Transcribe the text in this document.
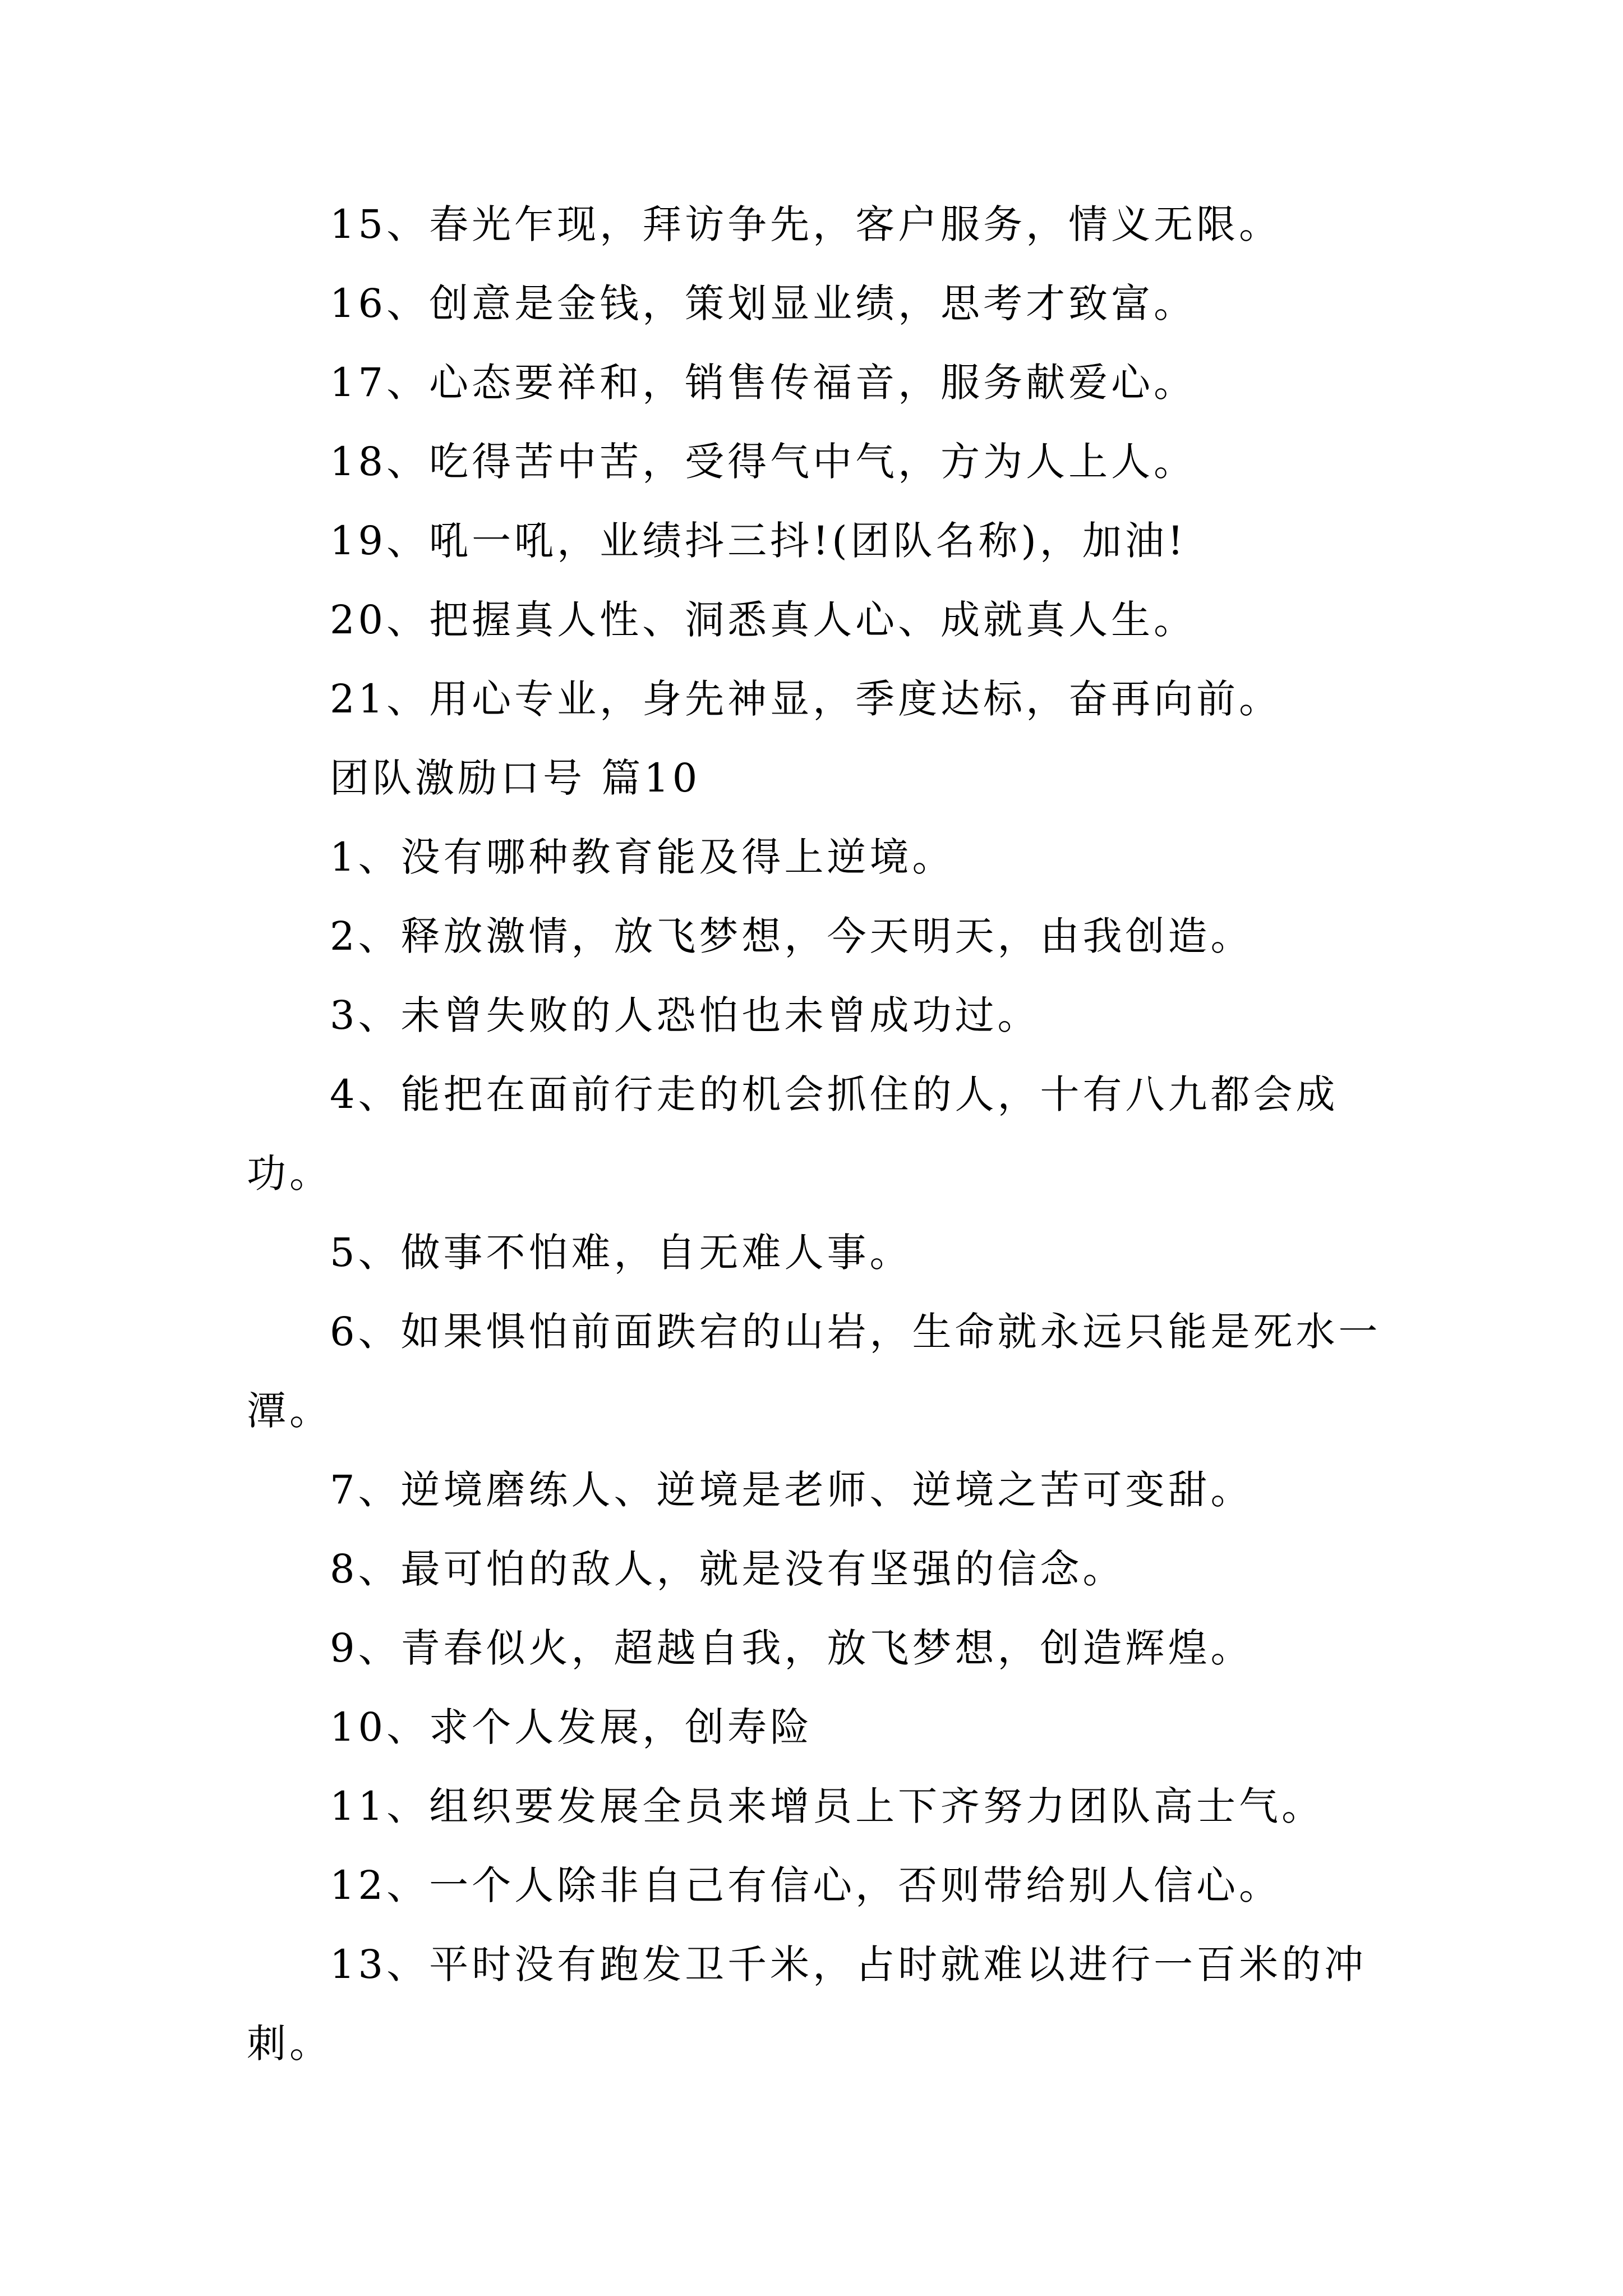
15、春光乍现，拜访争先，客户服务，情义无限。

16、创意是金钱，策划显业绩，思考才致富。

17、心态要祥和，销售传福音，服务献爱心。

18、吃得苦中苦，受得气中气，方为人上人。

19、吼一吼，业绩抖三抖!(团队名称)，加油!

20、把握真人性、洞悉真人心、成就真人生。

21、用心专业，身先神显，季度达标，奋再向前。

团队激励口号 篇10

1、没有哪种教育能及得上逆境。

2、释放激情，放飞梦想，今天明天，由我创造。

3、未曾失败的人恐怕也未曾成功过。

4、能把在面前行走的机会抓住的人，十有八九都会成功。

5、做事不怕难，自无难人事。

6、如果惧怕前面跌宕的山岩，生命就永远只能是死水一潭。

7、逆境磨练人、逆境是老师、逆境之苦可变甜。

8、最可怕的敌人，就是没有坚强的信念。

9、青春似火，超越自我，放飞梦想，创造辉煌。

10、求个人发展，创寿险

11、组织要发展全员来增员上下齐努力团队高士气。

12、一个人除非自己有信心，否则带给别人信心。

13、平时没有跑发卫千米，占时就难以进行一百米的冲刺。
